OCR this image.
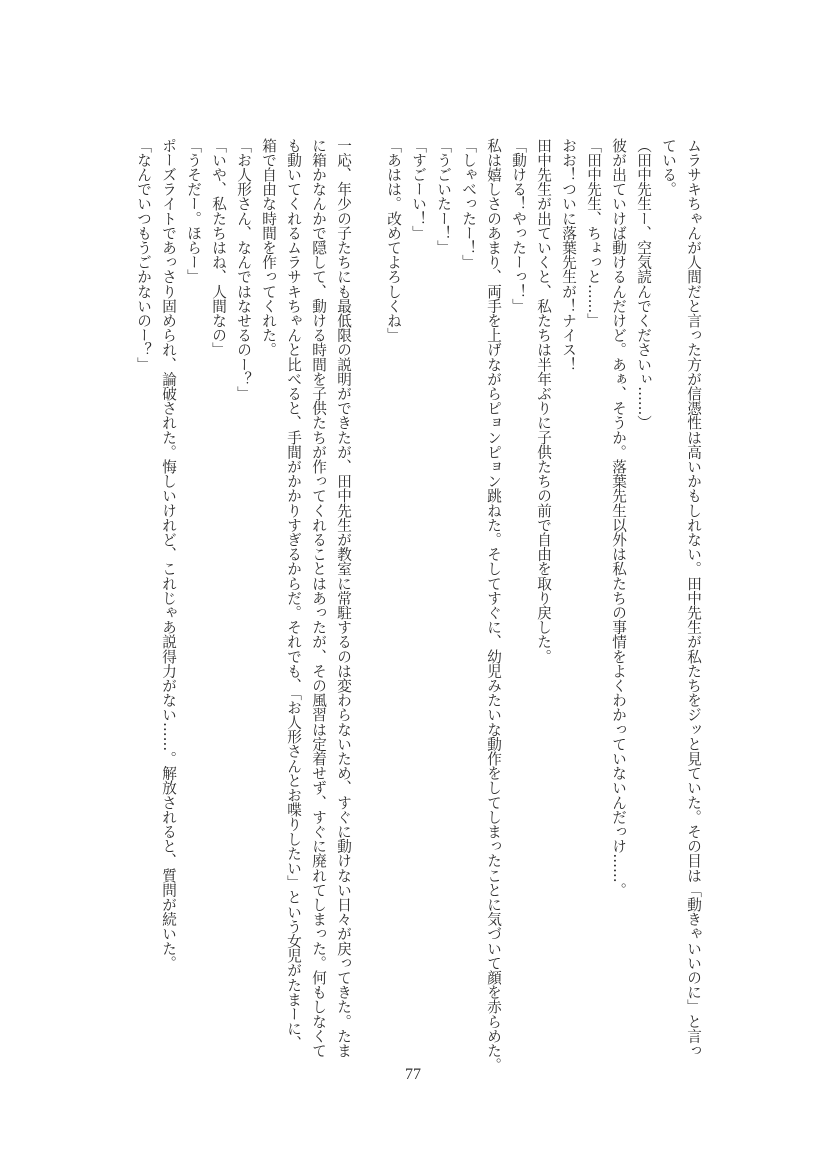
ムラサキちゃんが人間だと言った方が信憑性は高いかもしれない。田中先生が私たちをジッと見ていた。その目は「動きゃいいのに」と言っ
ている。
（田中先生ー、空気読んでくださいぃ……）
彼が出ていけば動けるんだけど。あぁ、そうか。落葉先生以外は私たちの事情をよくわかっていないんだっけ……。
「田中先生、ちょっと……」
おお！ついに落葉先生が！ナイス！
田中先生が出ていくと、私たちは半年ぶりに子供たちの前で自由を取り戻した。
「動ける！やったーっ！」
私は嬉しさのあまり、両手を上げながらピョンピョン跳ねた。そしてすぐに、幼児みたいな動作をしてしまったことに気づいて顔を赤らめた。
「しゃべったー！」
「うごいたー！」
「すごーい！」
「あはは。改めてよろしくね」
一応、年少の子たちにも最低限の説明ができたが、田中先生が教室に常駐するのは変わらないため、すぐに動けない日々が戻ってきた。たま
に箱かなんかで隠して、動ける時間を子供たちが作ってくれることはあったが、その風習は定着せず、すぐに廃れてしまった。何もしなくて
も動いてくれるムラサキちゃんと比べると、手間がかかりすぎるからだ。それでも、「お人形さんとお喋りしたい」という女児がたまーに、
箱で自由な時間を作ってくれた。
「お人形さん、なんではなせるのー？」
「いや、私たちはね、人間なの」
「うそだー。ほらー」
ポーズライトであっさり固められ、論破された。悔しいけれど、これじゃあ説得力がない……。解放されると、質問が続いた。
「なんでいつもうごかないのー？」
77
